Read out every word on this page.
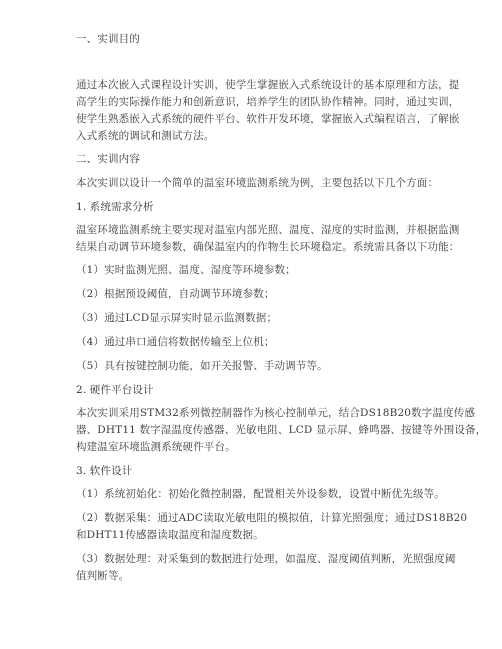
一、实训目的
通过本次嵌入式课程设计实训，使学生掌握嵌入式系统设计的基本原理和方法，提
高学生的实际操作能力和创新意识，培养学生的团队协作精神。同时，通过实训，
使学生熟悉嵌入式系统的硬件平台、软件开发环境，掌握嵌入式编程语言，了解嵌
入式系统的调试和测试方法。
二、实训内容
本次实训以设计一个简单的温室环境监测系统为例，主要包括以下几个方面：
1. 系统需求分析
温室环境监测系统主要实现对温室内部光照、温度、湿度的实时监测，并根据监测
结果自动调节环境参数，确保温室内的作物生长环境稳定。系统需具备以下功能：
（1）实时监测光照、温度、湿度等环境参数；
（2）根据预设阈值，自动调节环境参数；
（3）通过LCD显示屏实时显示监测数据；
（4）通过串口通信将数据传输至上位机；
（5）具有按键控制功能，如开关报警、手动调节等。
2. 硬件平台设计
本次实训采用STM32系列微控制器作为核心控制单元，结合DS18B20数字温度传感
器、DHT11 数字湿温度传感器、光敏电阻、LCD 显示屏、蜂鸣器、按键等外围设备，
构建温室环境监测系统硬件平台。
3. 软件设计
（1）系统初始化：初始化微控制器，配置相关外设参数，设置中断优先级等。
（2）数据采集：通过ADC读取光敏电阻的模拟值，计算光照强度；通过DS18B20
和DHT11传感器读取温度和湿度数据。
（3）数据处理：对采集到的数据进行处理，如温度、湿度阈值判断，光照强度阈
值判断等。
